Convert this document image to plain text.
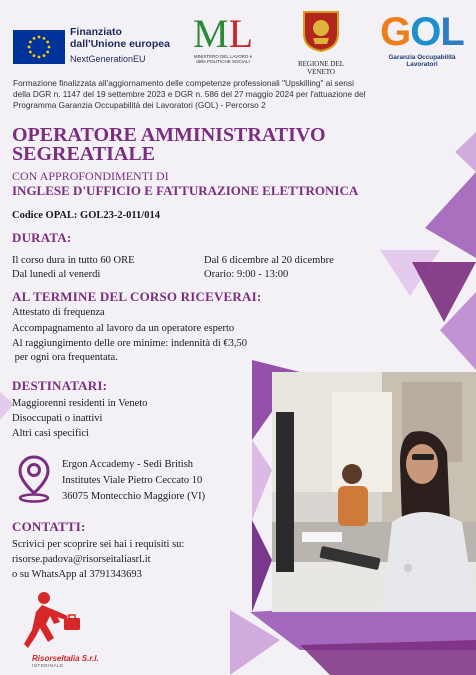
Finanziato
dall'Unione europea
NextGenerationEU
ML
MINISTERO DEL LAVORO e delle POLITICHE SOCIALI	REGIONE DEL VENETO
GOL
Garanzia Occupabilità Lavoratori
Formazione finalizzata all'aggiornamento delle competenze professionali "Upskilling" ai sensi della DGR n. 1147 del 19 settembre 2023 e DGR n. 586 del 27 maggio 2024 per l'attuazione del Programma Garanzia Occupabilità dei Lavoratori (GOL) - Percorso 2
OPERATORE AMMINISTRATIVO
SEGREATIALE
CON APPROFONDIMENTI DI
INGLESE D'UFFICIO E FATTURAZIONE ELETTRONICA
Codice OPAL: GOL23-2-011/014
DURATA:
Il corso dura in tutto 60 ORE
Dal lunedì al venerdì
Dal 6 dicembre al 20 dicembre
Orario: 9:00 - 13:00
AL TERMINE DEL CORSO RICEVERAI:
Attestato di frequenza
Accompagnamento al lavoro da un operatore esperto
Al raggiungimento delle ore minime: indennità di €3,50
per ogni ora frequentata.
DESTINATARI:
Maggiorenni residenti in Veneto
Disoccupati o inattivi
Altri casi specifici
Ergon Accademy - Sedi British
Institutes Viale Pietro Ceccato 10
36075 Montecchio Maggiore (VI)
CONTATTI:
Scrivici per scoprire sei hai i requisiti su:
risorse.padova@risorseitaliasrl.it
o su WhatsApp al 3791343693
RisorseItalia S.r.l.
INTERINALE
